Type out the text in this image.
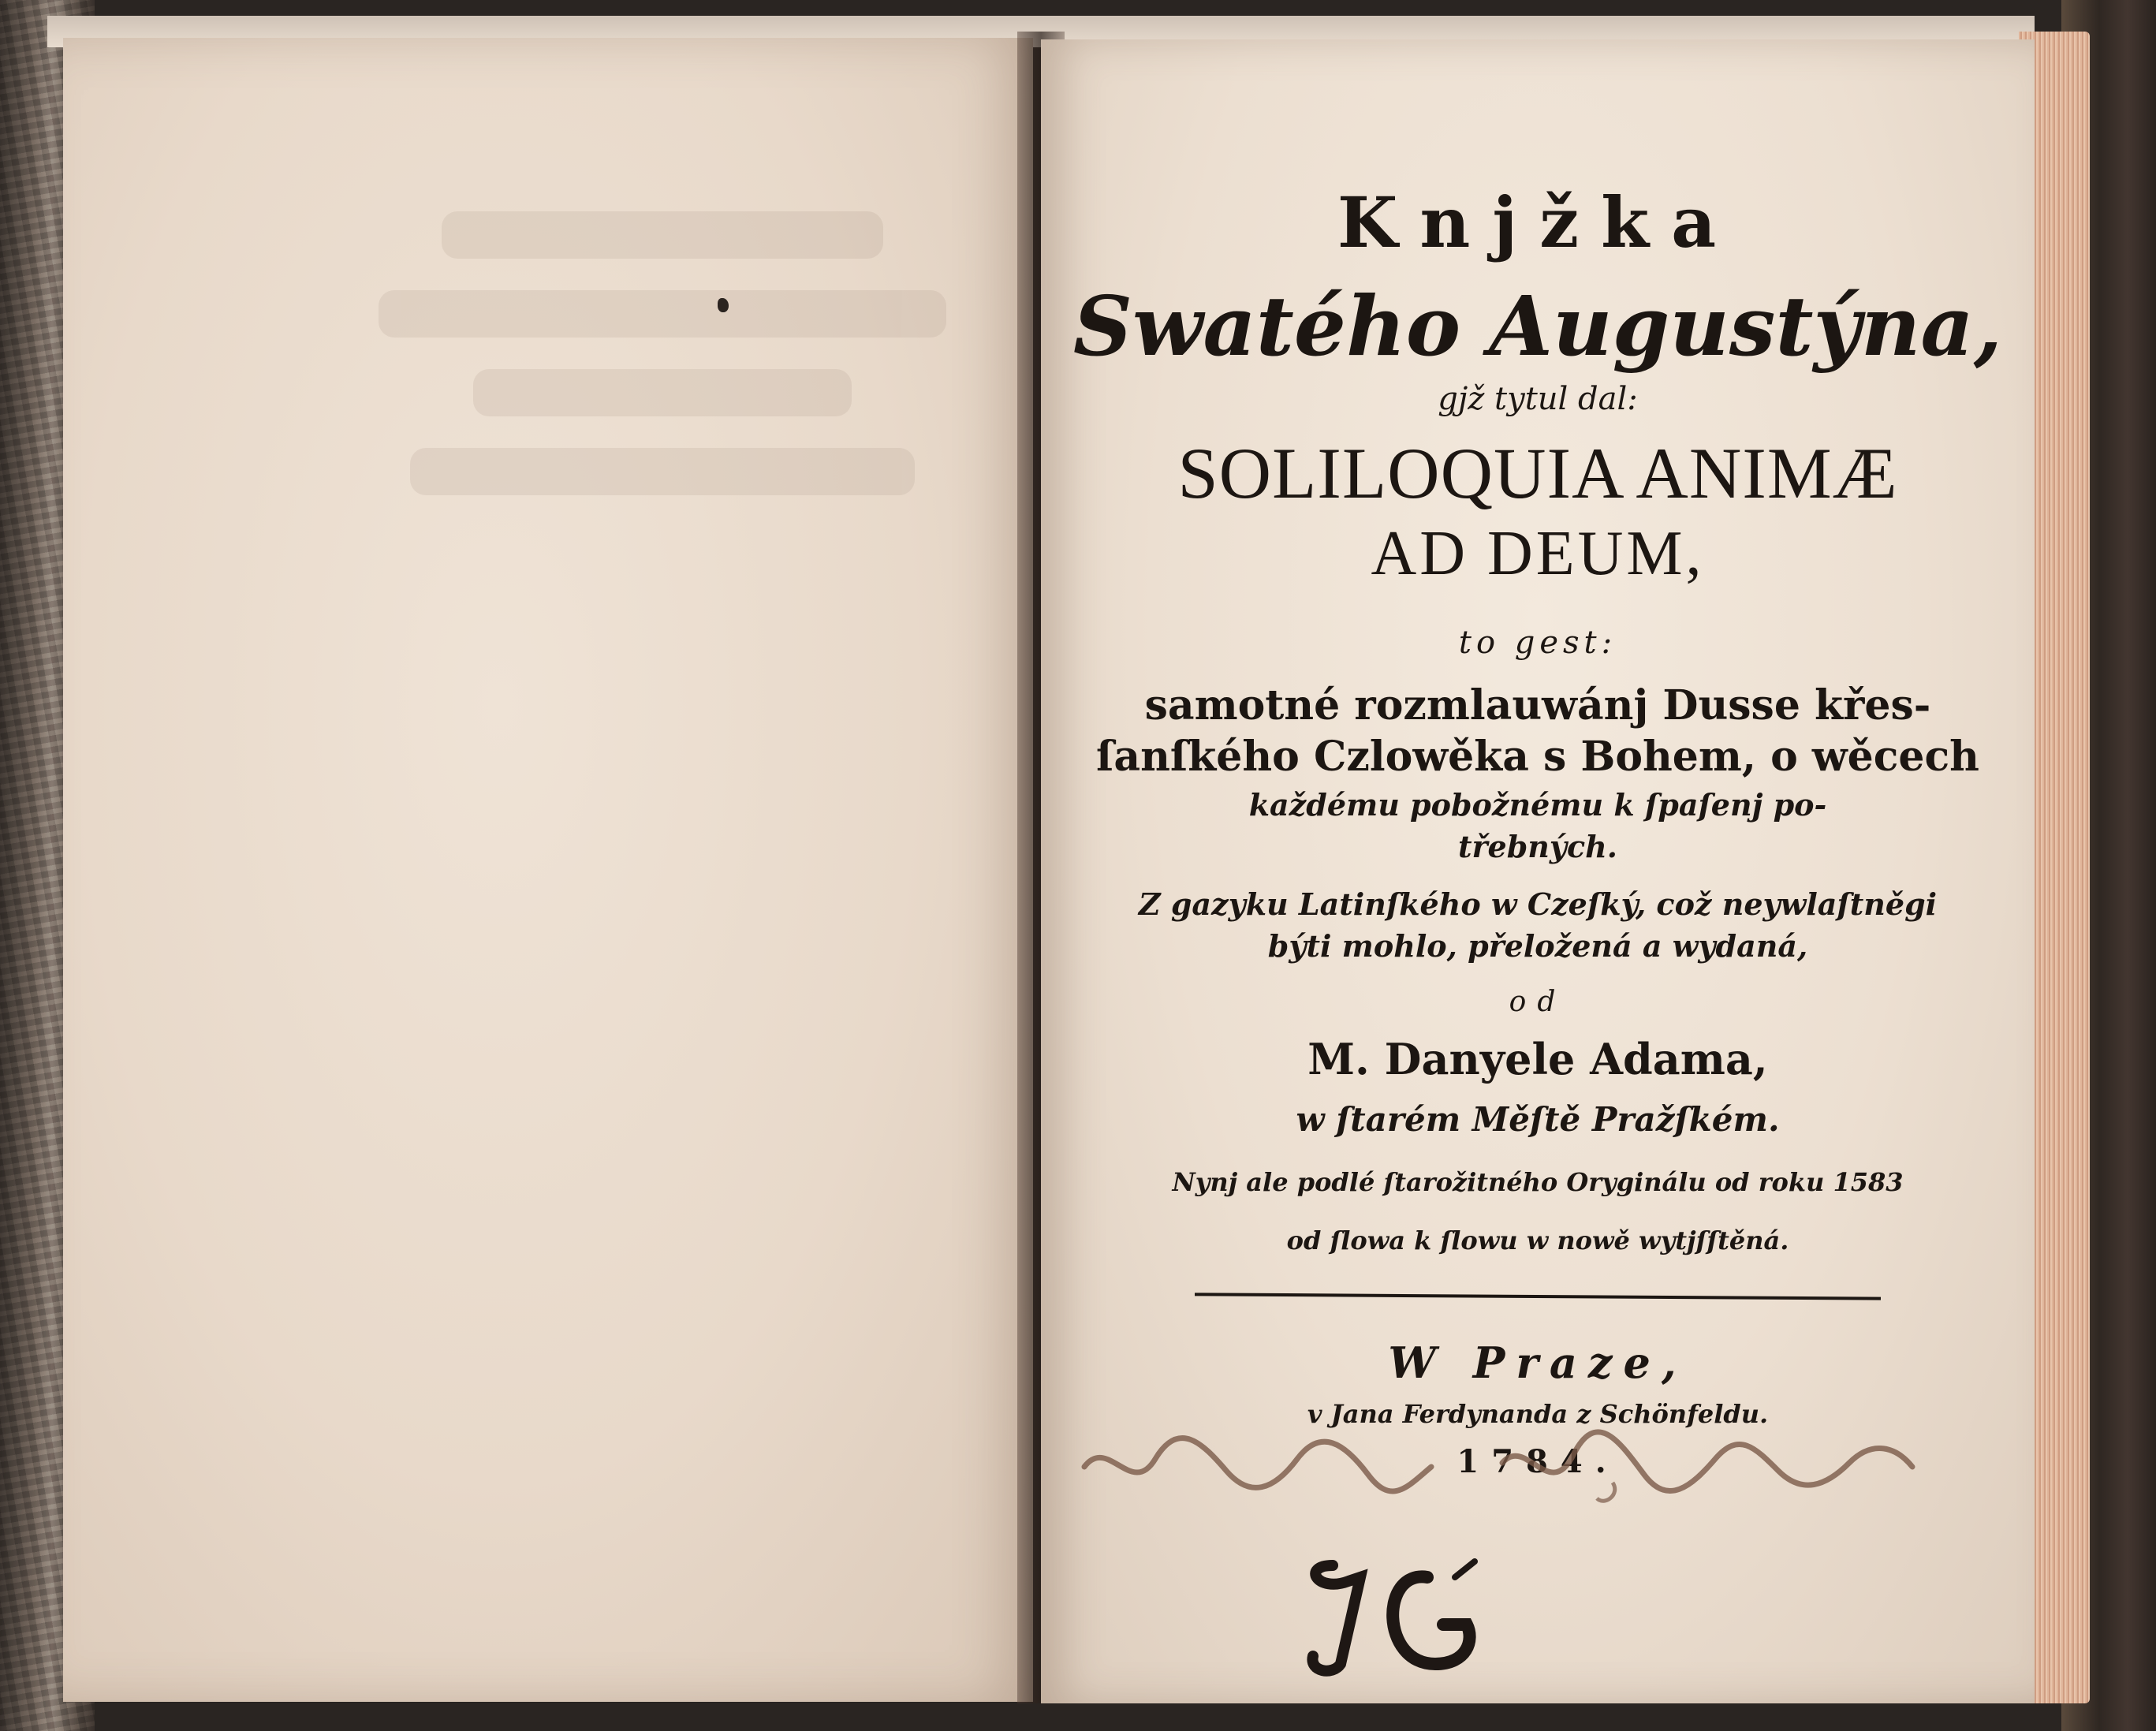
Knjžka
Swatého Augustýna,
gjž tytul dal:
SOLILOQUIA ANIMÆ
AD DEUM,
to gest:
samotné rozmlauwánj Dusse křes-
ſanſkého Czlowěka s Bohem, o wěcech
každému pobožnému k ſpaſenj po-
třebných.
Z gazyku Latinſkého w Czeſký, což neywlaſtněgi
býti mohlo, přeložená a wydaná,
od
M. Danyele Adama,
w ſtarém Měſtě Pražſkém.
Nynj ale podlé ſtarožitného Oryginálu od roku 1583
od ſlowa k ſlowu w nowě wytjſſtěná.
W Praze,
v Jana Ferdynanda z Schönfeldu.
1784.
